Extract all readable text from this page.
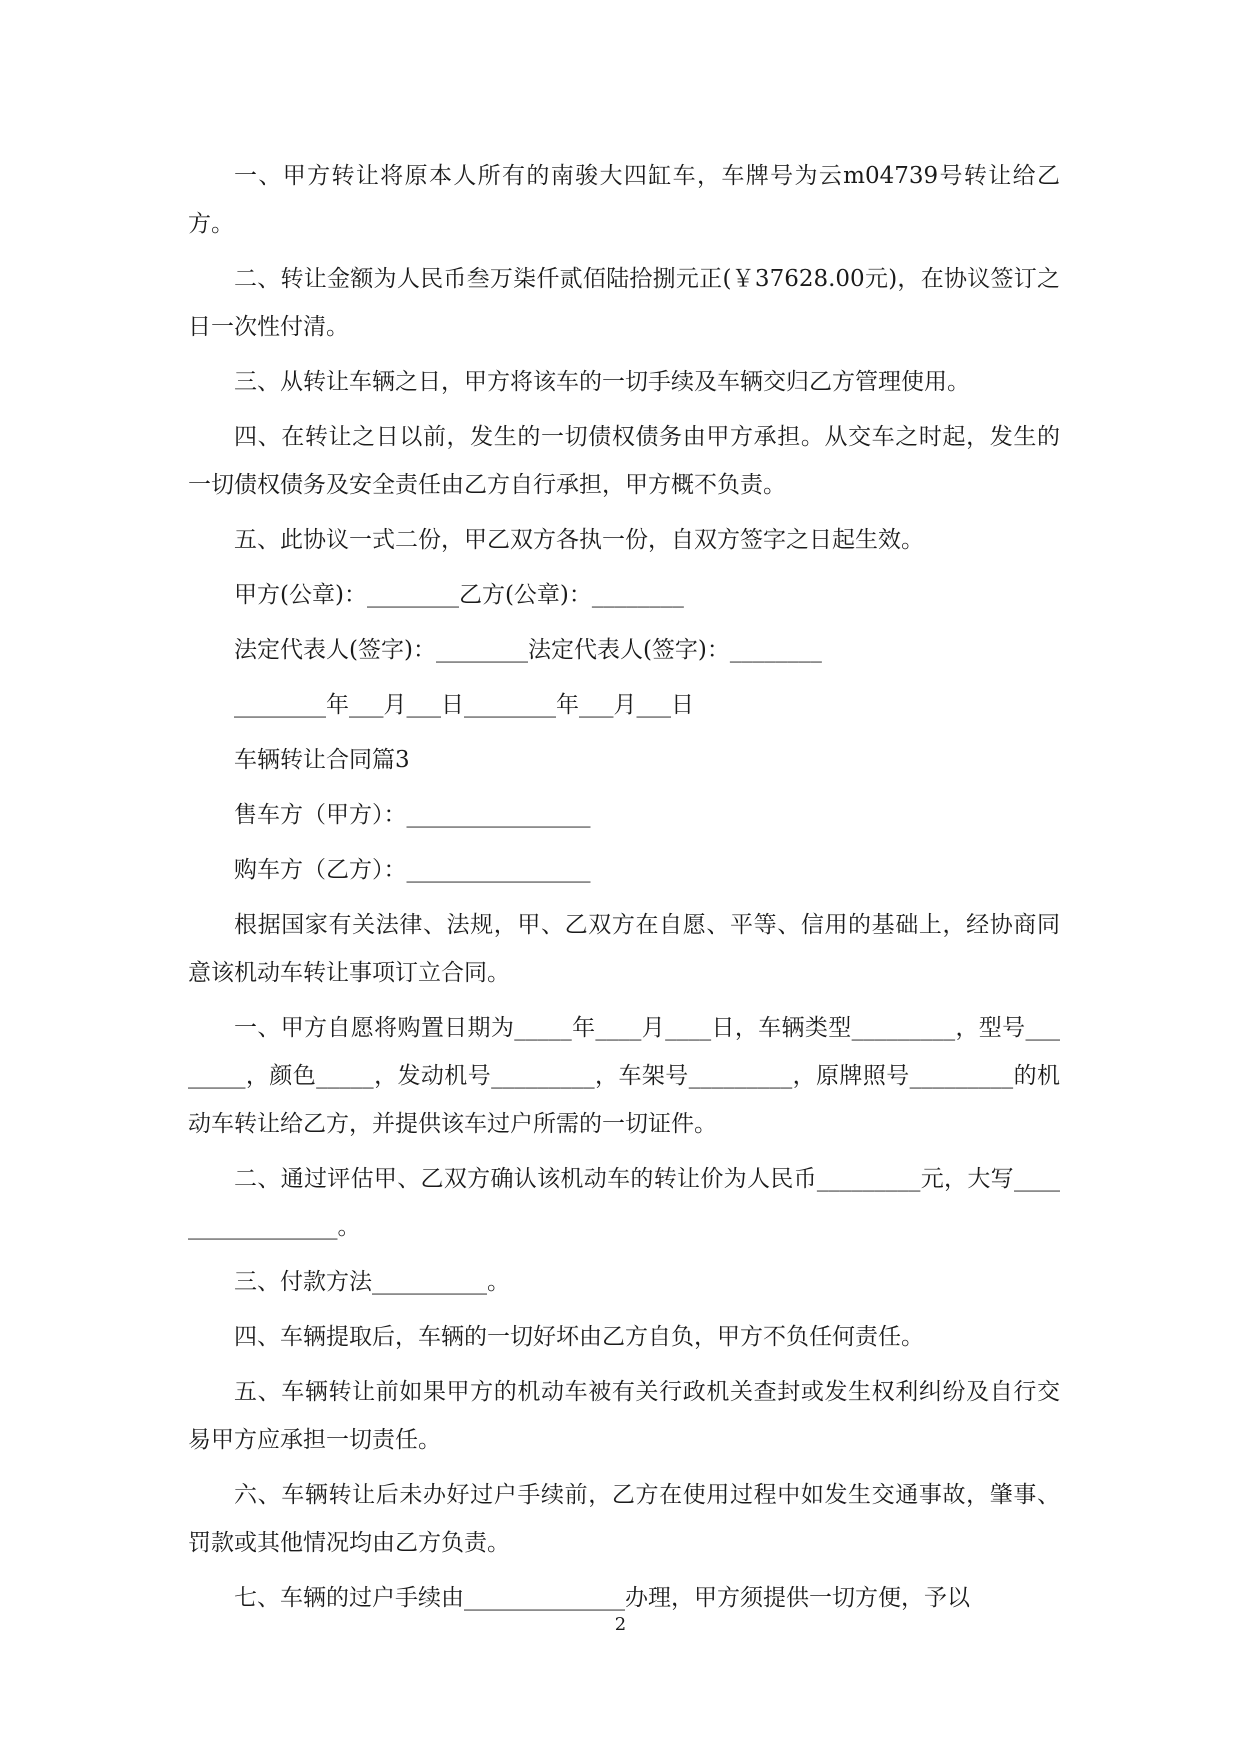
一、甲方转让将原本人所有的南骏大四缸车，车牌号为云m04739号转让给乙方。

二、转让金额为人民币叁万柒仟贰佰陆拾捌元正(￥37628.00元)，在协议签订之日一次性付清。

三、从转让车辆之日，甲方将该车的一切手续及车辆交归乙方管理使用。

四、在转让之日以前，发生的一切债权债务由甲方承担。从交车之时起，发生的一切债权债务及安全责任由乙方自行承担，甲方概不负责。

五、此协议一式二份，甲乙双方各执一份，自双方签字之日起生效。

甲方(公章)：________乙方(公章)：________

法定代表人(签字)：________法定代表人(签字)：________

________年___月___日________年___月___日

车辆转让合同篇3

售车方（甲方）：________________

购车方（乙方）：________________

根据国家有关法律、法规，甲、乙双方在自愿、平等、信用的基础上，经协商同意该机动车转让事项订立合同。

一、甲方自愿将购置日期为_____年____月____日，车辆类型_________，型号________，颜色_____，发动机号_________，车架号_________，原牌照号_________的机动车转让给乙方，并提供该车过户所需的一切证件。

二、通过评估甲、乙双方确认该机动车的转让价为人民币_________元，大写_________________。

三、付款方法__________。

四、车辆提取后，车辆的一切好坏由乙方自负，甲方不负任何责任。

五、车辆转让前如果甲方的机动车被有关行政机关查封或发生权利纠纷及自行交易甲方应承担一切责任。

六、车辆转让后未办好过户手续前，乙方在使用过程中如发生交通事故，肇事、罚款或其他情况均由乙方负责。

七、车辆的过户手续由______________办理，甲方须提供一切方便，予以

2
